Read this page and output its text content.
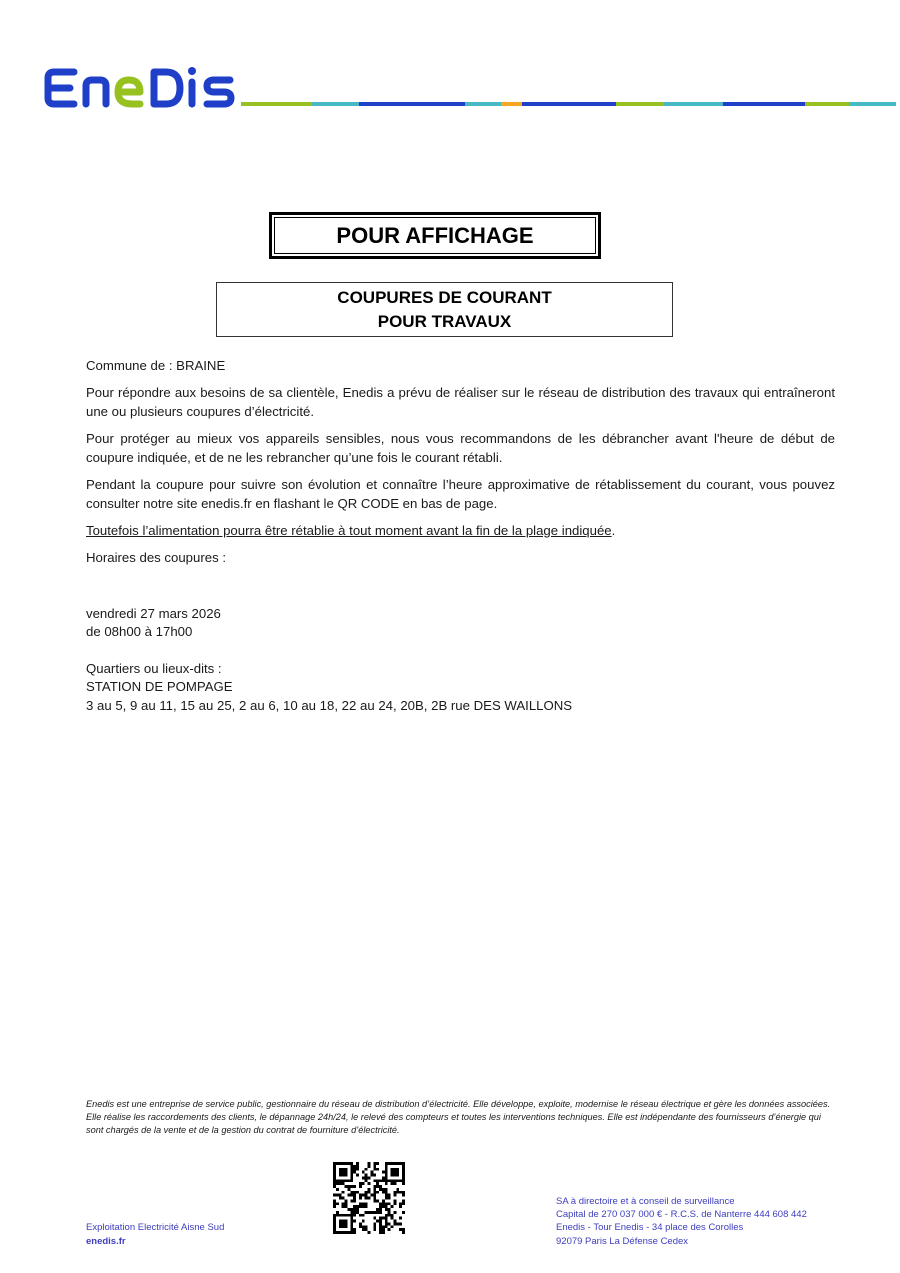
POUR AFFICHAGE
COUPURES DE COURANT
POUR TRAVAUX
Commune de : BRAINE
Pour répondre aux besoins de sa clientèle, Enedis a prévu de réaliser sur le réseau de distribution des travaux qui entraîneront une ou plusieurs coupures d’électricité.
Pour protéger au mieux vos appareils sensibles, nous vous recommandons de les débrancher avant l'heure de début de coupure indiquée, et de ne les rebrancher qu’une fois le courant rétabli.
Pendant la coupure pour suivre son évolution et connaître l’heure approximative de rétablissement du courant, vous pouvez consulter notre site enedis.fr en flashant le QR CODE en bas de page.
Toutefois l’alimentation pourra être rétablie à tout moment avant la fin de la plage indiquée.
Horaires des coupures :
vendredi 27 mars 2026
de 08h00 à 17h00
Quartiers ou lieux-dits :
STATION DE POMPAGE
3 au 5, 9 au 11, 15 au 25, 2 au 6, 10 au 18, 22 au 24, 20B, 2B rue DES WAILLONS
Enedis est une entreprise de service public, gestionnaire du réseau de distribution d’électricité. Elle développe, exploite, modernise le réseau électrique et gère les données associées. Elle réalise les raccordements des clients, le dépannage 24h/24, le relevé des compteurs et toutes les interventions techniques. Elle est indépendante des fournisseurs d’énergie qui sont chargés de la vente et de la gestion du contrat de fourniture d’électricité.
Exploitation Electricité Aisne Sud
enedis.fr
SA à directoire et à conseil de surveillance
Capital de 270 037 000 € - R.C.S. de Nanterre 444 608 442
Enedis - Tour Enedis - 34 place des Corolles
92079 Paris La Défense Cedex
